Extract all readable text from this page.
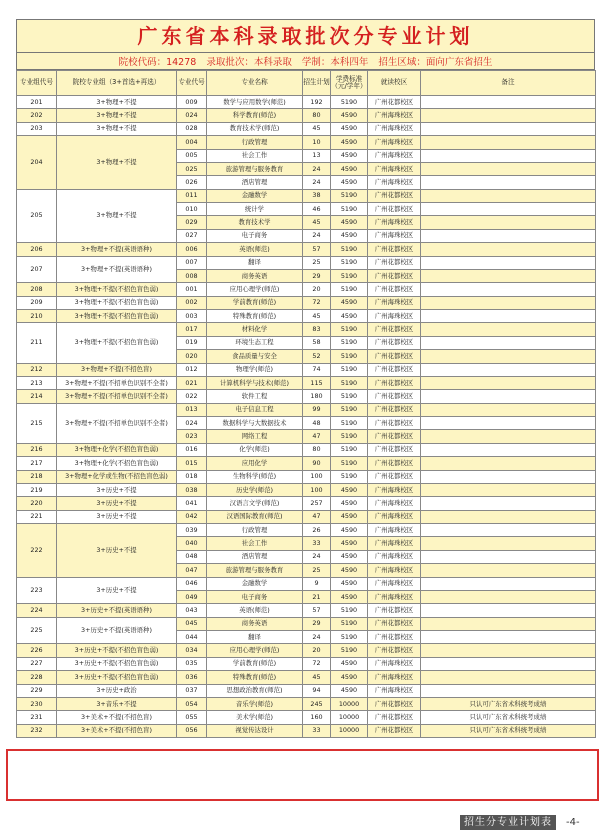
广东省本科录取批次分专业计划
院校代码：14278 录取批次：本科录取 学制：本科四年 招生区域：面向广东省招生
专业组代号	院校专业组（3+首选+再选）	专业代号	专业名称	招生计划	学费标准（元/学年）	就读校区	备注
201	3+物理+不提	009	数学与应用数学(师范)	192	5190	广州花都校区	
202	3+物理+不提	024	科学教育(师范)	80	4590	广州海珠校区	
203	3+物理+不提	028	教育技术学(师范)	45	4590	广州海珠校区	
204	3+物理+不提	004	行政管理	10	4590	广州海珠校区	
		005	社会工作	13	4590	广州海珠校区	
		025	旅游管理与服务教育	24	4590	广州海珠校区	
		026	酒店管理	24	4590	广州海珠校区	
205	3+物理+不提	011	金融数学	38	5190	广州花都校区	
		010	统计学	46	5190	广州花都校区	
		029	教育技术学	45	4590	广州海珠校区	
		027	电子商务	24	4590	广州海珠校区	
206	3+物理+不提(英语语种)	006	英语(师范)	57	5190	广州花都校区	
207	3+物理+不提(英语语种)	007	翻译	25	5190	广州花都校区	
		008	商务英语	29	5190	广州花都校区	
208	3+物理+不提(不招色盲色弱)	001	应用心理学(师范)	20	5190	广州花都校区	
209	3+物理+不提(不招色盲色弱)	002	学前教育(师范)	72	4590	广州海珠校区	
210	3+物理+不提(不招色盲色弱)	003	特殊教育(师范)	45	4590	广州海珠校区	
211	3+物理+不提(不招色盲色弱)	017	材料化学	83	5190	广州花都校区	
		019	环境生态工程	58	5190	广州花都校区	
		020	食品质量与安全	52	5190	广州花都校区	
212	3+物理+不提(不招色盲)	012	物理学(师范)	74	5190	广州花都校区	
213	3+物理+不提(不招单色识别不全者)	021	计算机科学与技术(师范)	115	5190	广州花都校区	
214	3+物理+不提(不招单色识别不全者)	022	软件工程	180	5190	广州花都校区	
215	3+物理+不提(不招单色识别不全者)	013	电子信息工程	99	5190	广州花都校区	
		024	数据科学与大数据技术	48	5190	广州花都校区	
		023	网络工程	47	5190	广州花都校区	
216	3+物理+化学(不招色盲色弱)	016	化学(师范)	80	5190	广州花都校区	
217	3+物理+化学(不招色盲色弱)	015	应用化学	90	5190	广州花都校区	
218	3+物理+化学或生物(不招色盲色弱)	018	生物科学(师范)	100	5190	广州花都校区	
219	3+历史+不提	038	历史学(师范)	100	4590	广州海珠校区	
220	3+历史+不提	041	汉语言文学(师范)	257	4590	广州海珠校区	
221	3+历史+不提	042	汉语国际教育(师范)	47	4590	广州海珠校区	
222	3+历史+不提	039	行政管理	26	4590	广州海珠校区	
		040	社会工作	33	4590	广州海珠校区	
		048	酒店管理	24	4590	广州海珠校区	
		047	旅游管理与服务教育	25	4590	广州海珠校区	
223	3+历史+不提	046	金融数学	9	4590	广州海珠校区	
		049	电子商务	21	4590	广州海珠校区	
224	3+历史+不提(英语语种)	043	英语(师范)	57	5190	广州花都校区	
225	3+历史+不提(英语语种)	045	商务英语	29	5190	广州花都校区	
		044	翻译	24	5190	广州花都校区	
226	3+历史+不提(不招色盲色弱)	034	应用心理学(师范)	20	5190	广州花都校区	
227	3+历史+不提(不招色盲色弱)	035	学前教育(师范)	72	4590	广州海珠校区	
228	3+历史+不提(不招色盲色弱)	036	特殊教育(师范)	45	4590	广州海珠校区	
229	3+历史+政治	037	思想政治教育(师范)	94	4590	广州海珠校区	
230	3+音乐+不提	054	音乐学(师范)	245	10000	广州花都校区	只认可广东省术科统考成绩
231	3+美术+不提(不招色盲)	055	美术学(师范)	160	10000	广州花都校区	只认可广东省术科统考成绩
232	3+美术+不提(不招色盲)	056	视觉传达设计	33	10000	广州花都校区	只认可广东省术科统考成绩
招生分专业计划表	-4-
